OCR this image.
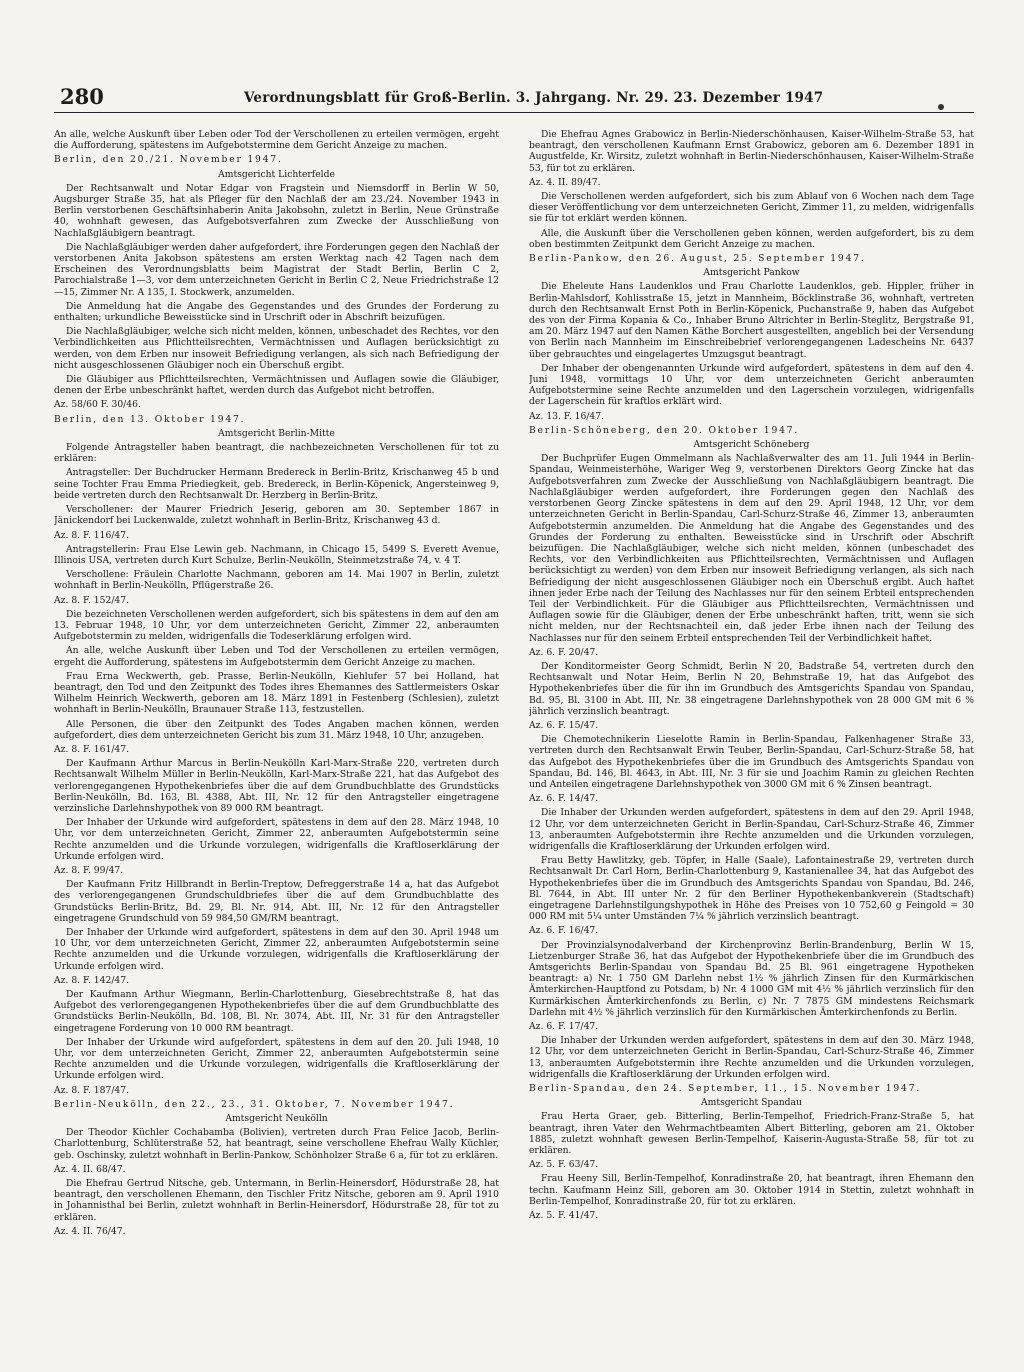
280	Verordnungsblatt für Groß-Berlin. 3. Jahrgang. Nr. 29. 23. Dezember 1947

An alle, welche Auskunft über Leben oder Tod der Verschollenen zu erteilen vermögen, ergeht die Aufforderung, spätestens im Aufgebotstermine dem Gericht Anzeige zu machen.

Berlin, den 20./21. November 1947.

Amtsgericht Lichterfelde

Der Rechtsanwalt und Notar Edgar von Fragstein und Niemsdorff in Berlin W 50, Augsburger Straße 35, hat als Pfleger für den Nachlaß der am 23./24. November 1943 in Berlin verstorbenen Geschäftsinhaberin Anita Jakobsohn, zuletzt in Berlin, Neue Grünstraße 40, wohnhaft gewesen, das Aufgebotsverfahren zum Zwecke der Ausschließung von Nachlaßgläubigern beantragt.

Die Nachlaßgläubiger werden daher aufgefordert, ihre Forderungen gegen den Nachlaß der verstorbenen Anita Jakobson spätestens am ersten Werktag nach 42 Tagen nach dem Erscheinen des Verordnungsblatts beim Magistrat der Stadt Berlin, Berlin C 2, Parochialstraße 1—3, vor dem unterzeichneten Gericht in Berlin C 2, Neue Friedrichstraße 12—15, Zimmer Nr. A 135, I. Stockwerk, anzumelden.

Die Anmeldung hat die Angabe des Gegenstandes und des Grundes der Forderung zu enthalten; urkundliche Beweisstücke sind in Urschrift oder in Abschrift beizufügen.

Die Nachlaßgläubiger, welche sich nicht melden, können, unbeschadet des Rechtes, vor den Verbindlichkeiten aus Pflichtteilsrechten, Vermächtnissen und Auflagen berücksichtigt zu werden, von dem Erben nur insoweit Befriedigung verlangen, als sich nach Befriedigung der nicht ausgeschlossenen Gläubiger noch ein Überschuß ergibt.

Die Gläubiger aus Pflichtteilsrechten, Vermächtnissen und Auflagen sowie die Gläubiger, denen der Erbe unbeschränkt haftet, werden durch das Aufgebot nicht betroffen.

Az. 58/60 F. 30/46.

Berlin, den 13. Oktober 1947.

Amtsgericht Berlin-Mitte

Folgende Antragsteller haben beantragt, die nachbezeichneten Verschollenen für tot zu erklären:

Antragsteller: Der Buchdrucker Hermann Bredereck in Berlin-Britz, Krischanweg 45 b und seine Tochter Frau Emma Priediegkeit, geb. Bredereck, in Berlin-Köpenick, Angersteinweg 9, beide vertreten durch den Rechtsanwalt Dr. Herzberg in Berlin-Britz.

Verschollener: der Maurer Friedrich Jeserig, geboren am 30. September 1867 in Jänickendorf bei Luckenwalde, zuletzt wohnhaft in Berlin-Britz, Krischanweg 43 d.

Az. 8. F. 116/47.

Antragstellerin: Frau Else Lewin geb. Nachmann, in Chicago 15, 5499 S. Everett Avenue, Illinois USA, vertreten durch Kurt Schulze, Berlin-Neukölln, Steinmetzstraße 74, v. 4 T.

Verschollene: Fräulein Charlotte Nachmann, geboren am 14. Mai 1907 in Berlin, zuletzt wohnhaft in Berlin-Neukölln, Pflügerstraße 26.

Az. 8. F. 152/47.

Die bezeichneten Verschollenen werden aufgefordert, sich bis spätestens in dem auf den am 13. Februar 1948, 10 Uhr, vor dem unterzeichneten Gericht, Zimmer 22, anberaumten Aufgebotstermin zu melden, widrigenfalls die Todeserklärung erfolgen wird.

An alle, welche Auskunft über Leben und Tod der Verschollenen zu erteilen vermögen, ergeht die Aufforderung, spätestens im Aufgebotstermin dem Gericht Anzeige zu machen.

Frau Erna Weckwerth, geb. Prasse, Berlin-Neukölln, Kiehlufer 57 bei Holland, hat beantragt, den Tod und den Zeitpunkt des Todes ihres Ehemannes des Sattlermeisters Oskar Wilhelm Heinrich Weckwerth, geboren am 18. März 1891 in Festenberg (Schlesien), zuletzt wohnhaft in Berlin-Neukölln, Braunauer Straße 113, festzustellen.

Alle Personen, die über den Zeitpunkt des Todes Angaben machen können, werden aufgefordert, dies dem unterzeichneten Gericht bis zum 31. März 1948, 10 Uhr, anzugeben.

Az. 8. F. 161/47.

Der Kaufmann Arthur Marcus in Berlin-Neukölln Karl-Marx-Straße 220, vertreten durch Rechtsanwalt Wilhelm Müller in Berlin-Neukölln, Karl-Marx-Straße 221, hat das Aufgebot des verlorengegangenen Hypothekenbriefes über die auf dem Grundbuchblatte des Grundstücks Berlin-Neukölln, Bd. 163, Bl. 4388, Abt. III, Nr. 12 für den Antragsteller eingetragene verzinsliche Darlehnshypothek von 89 000 RM beantragt.

Der Inhaber der Urkunde wird aufgefordert, spätestens in dem auf den 28. März 1948, 10 Uhr, vor dem unterzeichneten Gericht, Zimmer 22, anberaumten Aufgebotstermin seine Rechte anzumelden und die Urkunde vorzulegen, widrigenfalls die Kraftloserklärung der Urkunde erfolgen wird.

Az. 8. F. 99/47.

Der Kaufmann Fritz Hillbrandt in Berlin-Treptow, Defreggerstraße 14 a, hat das Aufgebot des verlorengegangenen Grundschuldbriefes über die auf dem Grundbuchblatte des Grundstücks Berlin-Britz, Bd. 29, Bl. Nr. 914, Abt. III, Nr. 12 für den Antragsteller eingetragene Grundschuld von 59 984,50 GM/RM beantragt.

Der Inhaber der Urkunde wird aufgefordert, spätestens in dem auf den 30. April 1948 um 10 Uhr, vor dem unterzeichneten Gericht, Zimmer 22, anberaumten Aufgebotstermin seine Rechte anzumelden und die Urkunde vorzulegen, widrigenfalls die Kraftloserklärung der Urkunde erfolgen wird.

Az. 8. F. 142/47.

Der Kaufmann Arthur Wiegmann, Berlin-Charlottenburg, Giesebrechtstraße 8, hat das Aufgebot des verlorengegangenen Hypothekenbriefes über die auf dem Grundbuchblatte des Grundstücks Berlin-Neukölln, Bd. 108, Bl. Nr. 3074, Abt. III, Nr. 31 für den Antragsteller eingetragene Forderung von 10 000 RM beantragt.

Der Inhaber der Urkunde wird aufgefordert, spätestens in dem auf den 20. Juli 1948, 10 Uhr, vor dem unterzeichneten Gericht, Zimmer 22, anberaumten Aufgebotstermin seine Rechte anzumelden und die Urkunde vorzulegen, widrigenfalls die Kraftloserklärung der Urkunde erfolgen wird.

Az. 8. F. 187/47.

Berlin-Neukölln, den 22., 23., 31. Oktober, 7. November 1947.

Amtsgericht Neukölln

Der Theodor Küchler Cochabamba (Bolivien), vertreten durch Frau Felice Jacob, Berlin-Charlottenburg, Schlüterstraße 52, hat beantragt, seine verschollene Ehefrau Wally Küchler, geb. Oschinsky, zuletzt wohnhaft in Berlin-Pankow, Schönholzer Straße 6 a, für tot zu erklären.

Az. 4. II. 68/47.

Die Ehefrau Gertrud Nitsche, geb. Untermann, in Berlin-Heinersdorf, Hödurstraße 28, hat beantragt, den verschollenen Ehemann, den Tischler Fritz Nitsche, geboren am 9. April 1910 in Johannisthal bei Berlin, zuletzt wohnhaft in Berlin-Heinersdorf, Hödurstraße 28, für tot zu erklären.

Az. 4. II. 76/47.

Die Ehefrau Agnes Grabowicz in Berlin-Niederschönhausen, Kaiser-Wilhelm-Straße 53, hat beantragt, den verschollenen Kaufmann Ernst Grabowicz, geboren am 6. Dezember 1891 in Augustfelde, Kr. Wirsitz, zuletzt wohnhaft in Berlin-Niederschönhausen, Kaiser-Wilhelm-Straße 53, für tot zu erklären.

Az. 4. II. 89/47.

Die Verschollenen werden aufgefordert, sich bis zum Ablauf von 6 Wochen nach dem Tage dieser Veröffentlichung vor dem unterzeichneten Gericht, Zimmer 11, zu melden, widrigenfalls sie für tot erklärt werden können.

Alle, die Auskunft über die Verschollenen geben können, werden aufgefordert, bis zu dem oben bestimmten Zeitpunkt dem Gericht Anzeige zu machen.

Berlin-Pankow, den 26. August, 25. September 1947.

Amtsgericht Pankow

Die Eheleute Hans Laudenklos und Frau Charlotte Laudenklos, geb. Hippler, früher in Berlin-Mahlsdorf, Kohlisstraße 15, jetzt in Mannheim, Böcklinstraße 36, wohnhaft, vertreten durch den Rechtsanwalt Ernst Poth in Berlin-Köpenick, Puchanstraße 9, haben das Aufgebot des von der Firma Kopania & Co., Inhaber Bruno Altrichter in Berlin-Steglitz, Bergstraße 91, am 20. März 1947 auf den Namen Käthe Borchert ausgestellten, angeblich bei der Versendung von Berlin nach Mannheim im Einschreibebrief verlorengegangenen Ladescheins Nr. 6437 über gebrauchtes und eingelagertes Umzugsgut beantragt.

Der Inhaber der obengenannten Urkunde wird aufgefordert, spätestens in dem auf den 4. Juni 1948, vormittags 10 Uhr, vor dem unterzeichneten Gericht anberaumten Aufgebotstermine seine Rechte anzumelden und den Lagerschein vorzulegen, widrigenfalls der Lagerschein für kraftlos erklärt wird.

Az. 13. F. 16/47.

Berlin-Schöneberg, den 20. Oktober 1947.

Amtsgericht Schöneberg

Der Buchprüfer Eugen Ommelmann als Nachlaßverwalter des am 11. Juli 1944 in Berlin-Spandau, Weinmeisterhöhe, Wariger Weg 9, verstorbenen Direktors Georg Zincke hat das Aufgebotsverfahren zum Zwecke der Ausschließung von Nachlaßgläubigern beantragt. Die Nachlaßgläubiger werden aufgefordert, ihre Forderungen gegen den Nachlaß des verstorbenen Georg Zincke spätestens in dem auf den 29. April 1948, 12 Uhr, vor dem unterzeichneten Gericht in Berlin-Spandau, Carl-Schurz-Straße 46, Zimmer 13, anberaumten Aufgebotstermin anzumelden. Die Anmeldung hat die Angabe des Gegenstandes und des Grundes der Forderung zu enthalten. Beweisstücke sind in Urschrift oder Abschrift beizufügen. Die Nachlaßgläubiger, welche sich nicht melden, können (unbeschadet des Rechts, vor den Verbindlichkeiten aus Pflichtteilsrechten, Vermächtnissen und Auflagen berücksichtigt zu werden) von dem Erben nur insoweit Befriedigung verlangen, als sich nach Befriedigung der nicht ausgeschlossenen Gläubiger noch ein Überschuß ergibt. Auch haftet ihnen jeder Erbe nach der Teilung des Nachlasses nur für den seinem Erbteil entsprechenden Teil der Verbindlichkeit. Für die Gläubiger aus Pflichtteilsrechten, Vermächtnissen und Auflagen sowie für die Gläubiger, denen der Erbe unbeschränkt haften, tritt, wenn sie sich nicht melden, nur der Rechtsnachteil ein, daß jeder Erbe ihnen nach der Teilung des Nachlasses nur für den seinem Erbteil entsprechenden Teil der Verbindlichkeit haftet.

Az. 6. F. 20/47.

Der Konditormeister Georg Schmidt, Berlin N 20, Badstraße 54, vertreten durch den Rechtsanwalt und Notar Heim, Berlin N 20, Behmstraße 19, hat das Aufgebot des Hypothekenbriefes über die für ihn im Grundbuch des Amtsgerichts Spandau von Spandau, Bd. 95, Bl. 3100 in Abt. III, Nr. 38 eingetragene Darlehnshypothek von 28 000 GM mit 6 % jährlich verzinslich beantragt.

Az. 6. F. 15/47.

Die Chemotechnikerin Lieselotte Ramin in Berlin-Spandau, Falkenhagener Straße 33, vertreten durch den Rechtsanwalt Erwin Teuber, Berlin-Spandau, Carl-Schurz-Straße 58, hat das Aufgebot des Hypothekenbriefes über die im Grundbuch des Amtsgerichts Spandau von Spandau, Bd. 146, Bl. 4643, in Abt. III, Nr. 3 für sie und Joachim Ramin zu gleichen Rechten und Anteilen eingetragene Darlehnshypothek von 3000 GM mit 6 % Zinsen beantragt.

Az. 6. F. 14/47.

Die Inhaber der Urkunden werden aufgefordert, spätestens in dem auf den 29. April 1948, 12 Uhr, vor dem unterzeichneten Gericht in Berlin-Spandau, Carl-Schurz-Straße 46, Zimmer 13, anberaumten Aufgebotstermin ihre Rechte anzumelden und die Urkunden vorzulegen, widrigenfalls die Kraftloserklärung der Urkunden erfolgen wird.

Frau Betty Hawlitzky, geb. Töpfer, in Halle (Saale), Lafontainestraße 29, vertreten durch Rechtsanwalt Dr. Carl Horn, Berlin-Charlottenburg 9, Kastanienallee 34, hat das Aufgebot des Hypothekenbriefes über die im Grundbuch des Amtsgerichts Spandau von Spandau, Bd. 246, Bl. 7644, in Abt. III unter Nr. 2 für den Berliner Hypothekenbankverein (Stadtschaft) eingetragene Darlehnstilgungshypothek in Höhe des Preises von 10 752,60 g Feingold = 30 000 RM mit 5¼ unter Umständen 7¼ % jährlich verzinslich beantragt.

Az. 6. F. 16/47.

Der Provinzialsynodalverband der Kirchenprovinz Berlin-Brandenburg, Berlin W 15, Lietzenburger Straße 36, hat das Aufgebot der Hypothekenbriefe über die im Grundbuch des Amtsgerichts Berlin-Spandau von Spandau Bd. 25 Bl. 961 eingetragene Hypotheken beantragt: a) Nr. 1 750 GM Darlehn nebst 1½ % jährlich Zinsen für den Kurmärkischen Ämterkirchen-Hauptfond zu Potsdam, b) Nr. 4 1000 GM mit 4½ % jährlich verzinslich für den Kurmärkischen Ämterkirchenfonds zu Berlin, c) Nr. 7 7875 GM mindestens Reichsmark Darlehn mit 4½ % jährlich verzinslich für den Kurmärkischen Ämterkirchenfonds zu Berlin.

Az. 6. F. 17/47.

Die Inhaber der Urkunden werden aufgefordert, spätestens in dem auf den 30. März 1948, 12 Uhr, vor dem unterzeichneten Gericht in Berlin-Spandau, Carl-Schurz-Straße 46, Zimmer 13, anberaumten Aufgebotstermin ihre Rechte anzumelden und die Urkunden vorzulegen, widrigenfalls die Kraftloserklärung der Urkunden erfolgen wird.

Berlin-Spandau, den 24. September, 11., 15. November 1947.

Amtsgericht Spandau

Frau Herta Graer, geb. Bitterling, Berlin-Tempelhof, Friedrich-Franz-Straße 5, hat beantragt, ihren Vater den Wehrmachtbeamten Albert Bitterling, geboren am 21. Oktober 1885, zuletzt wohnhaft gewesen Berlin-Tempelhof, Kaiserin-Augusta-Straße 58, für tot zu erklären.

Az. 5. F. 63/47.

Frau Heeny Sill, Berlin-Tempelhof, Konradinstraße 20, hat beantragt, ihren Ehemann den techn. Kaufmann Heinz Sill, geboren am 30. Oktober 1914 in Stettin, zuletzt wohnhaft in Berlin-Tempelhof, Konradinstraße 20, für tot zu erklären.

Az. 5. F. 41/47.
